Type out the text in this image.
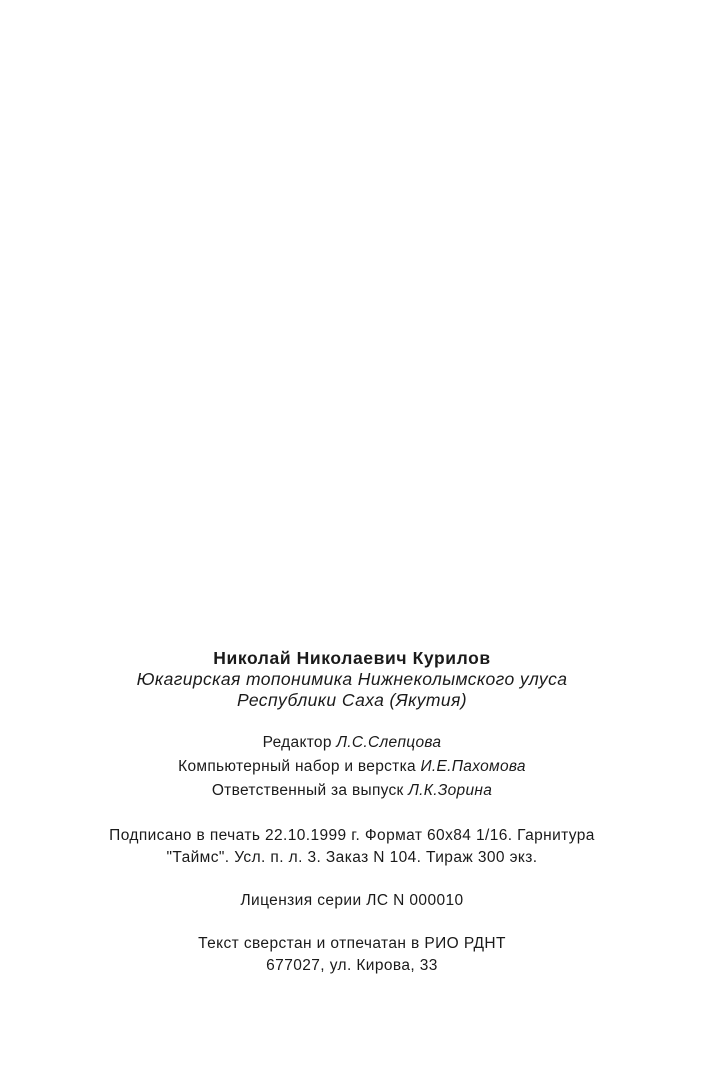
Николай Николаевич Курилов
Юкагирская топонимика Нижнеколымского улуса
Республики Саха (Якутия)
Редактор Л.С.Слепцова
Компьютерный набор и верстка И.Е.Пахомова
Ответственный за выпуск Л.К.Зорина
Подписано в печать 22.10.1999 г. Формат 60х84 1/16. Гарнитура
"Таймс". Усл. п. л. 3. Заказ N 104. Тираж 300 экз.
Лицензия серии ЛС N 000010
Текст сверстан и отпечатан в РИО РДНТ
677027, ул. Кирова, 33
